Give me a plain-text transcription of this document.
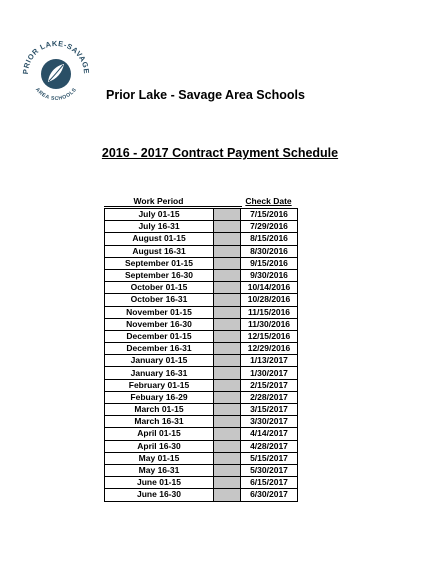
PRIOR LAKE-SAVAGE
AREA SCHOOLS Prior Lake - Savage Area Schools
2016 - 2017 Contract Payment Schedule
Work Period	Check Date
July 01-15		7/15/2016
July 16-31		7/29/2016
August 01-15		8/15/2016
August 16-31		8/30/2016
September 01-15		9/15/2016
September 16-30		9/30/2016
October 01-15		10/14/2016
October 16-31		10/28/2016
November 01-15		11/15/2016
November 16-30		11/30/2016
December 01-15		12/15/2016
December 16-31		12/29/2016
January 01-15		1/13/2017
January 16-31		1/30/2017
February 01-15		2/15/2017
Febuary 16-29		2/28/2017
March 01-15		3/15/2017
March 16-31		3/30/2017
April 01-15		4/14/2017
April 16-30		4/28/2017
May 01-15		5/15/2017
May 16-31		5/30/2017
June 01-15		6/15/2017
June 16-30		6/30/2017
